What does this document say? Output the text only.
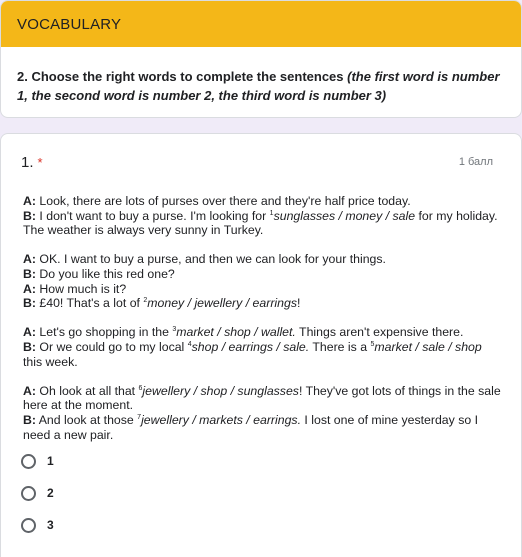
VOCABULARY
2. Choose the right words to complete the sentences (the first word is number 1, the second word is number 2, the third word is number 3)
1. *	1 балл
A: Look, there are lots of purses over there and they're half price today.
B: I don't want to buy a purse. I'm looking for $^1$sunglasses / money / sale for my holiday. The weather is always very sunny in Turkey.
A: OK. I want to buy a purse, and then we can look for your things.
B: Do you like this red one?
A: How much is it?
B: £40! That's a lot of $^2$money / jewellery / earrings!
A: Let's go shopping in the $^3$market / shop / wallet. Things aren't expensive there.
B: Or we could go to my local $^4$shop / earrings / sale. There is a $^5$market / sale / shop this week.
A: Oh look at all that $^6$jewellery / shop / sunglasses! They've got lots of things in the sale here at the moment.
B: And look at those $^7$jewellery / markets / earrings. I lost one of mine yesterday so I need a new pair.
1
2
3
